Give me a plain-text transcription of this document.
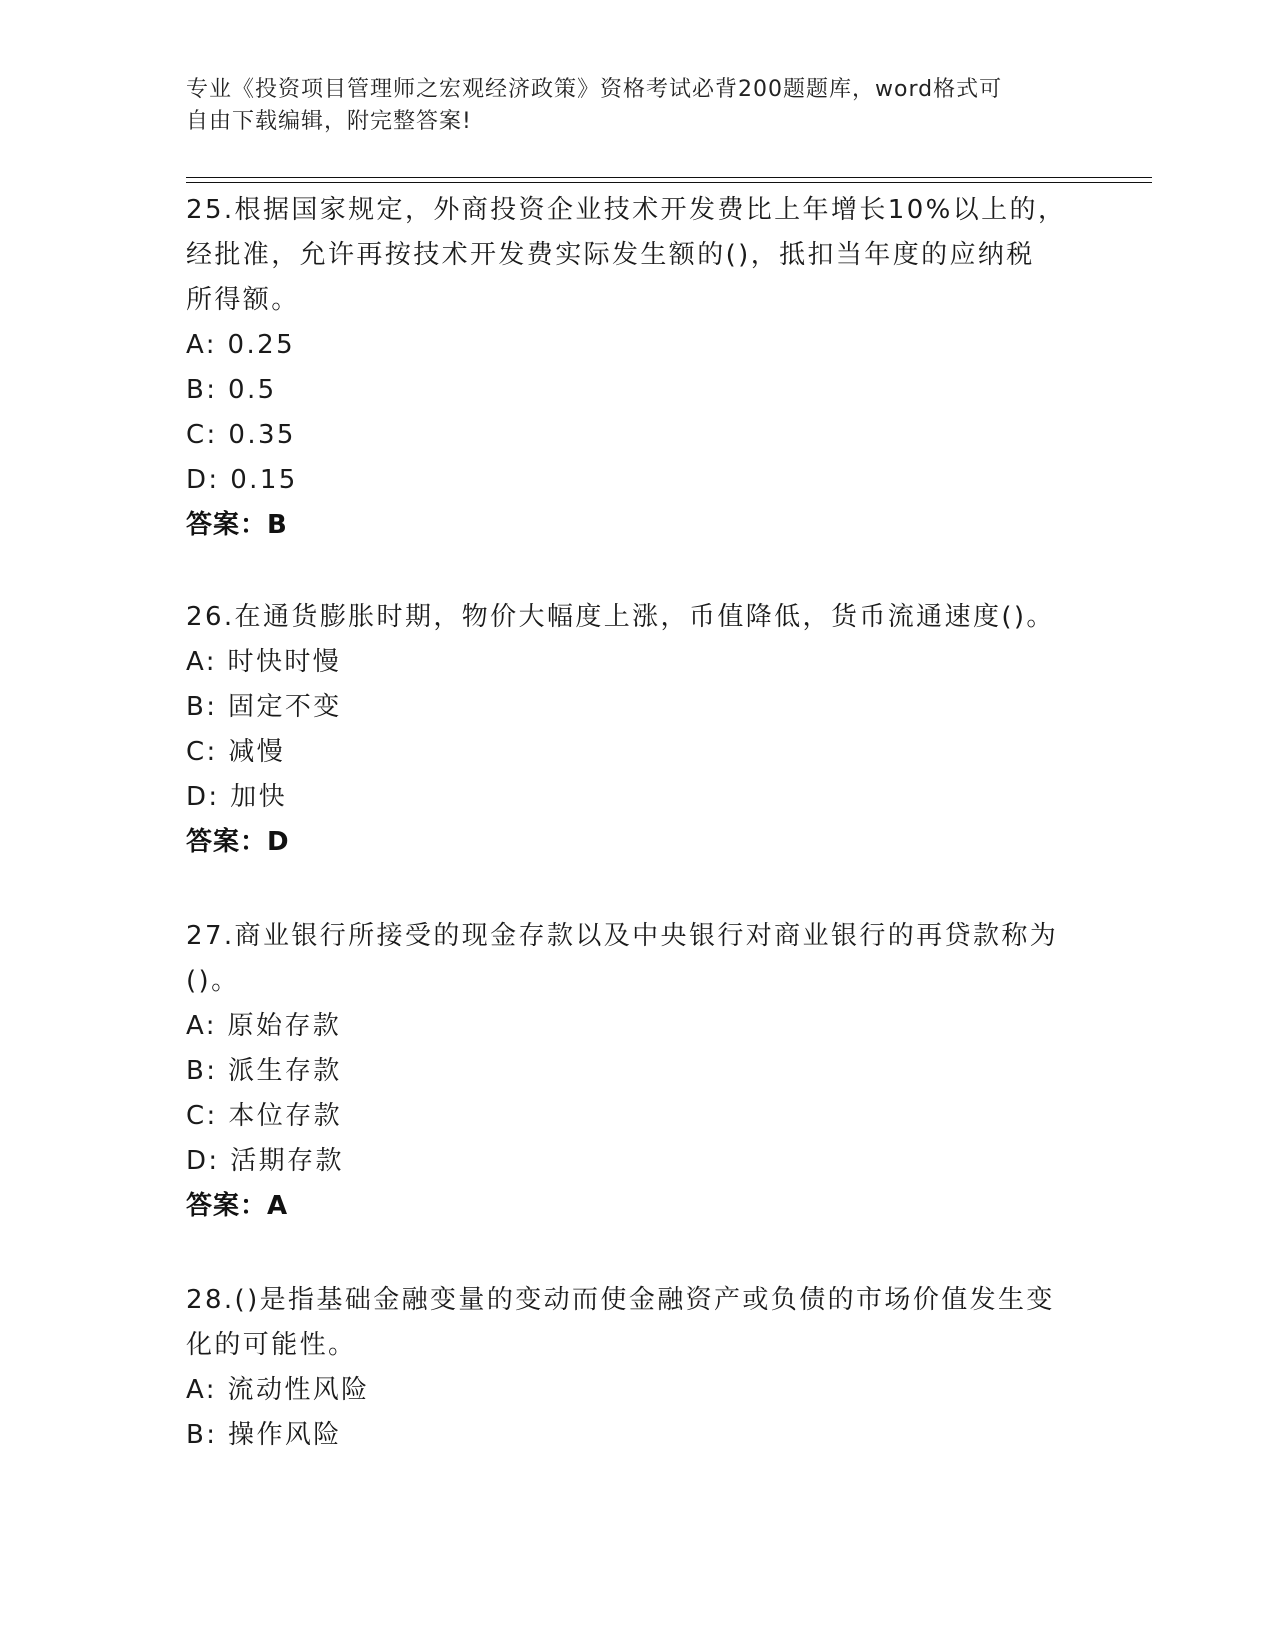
专业《投资项目管理师之宏观经济政策》资格考试必背200题题库，word格式可

自由下载编辑，附完整答案!

25.根据国家规定，外商投资企业技术开发费比上年增长10%以上的，

经批准，允许再按技术开发费实际发生额的()，抵扣当年度的应纳税

所得额。

A: 0.25

B: 0.5

C: 0.35

D: 0.15

答案：B

26.在通货膨胀时期，物价大幅度上涨，币值降低，货币流通速度()。

A: 时快时慢

B: 固定不变

C: 减慢

D: 加快

答案：D

27.商业银行所接受的现金存款以及中央银行对商业银行的再贷款称为

()。

A: 原始存款

B: 派生存款

C: 本位存款

D: 活期存款

答案：A

28.()是指基础金融变量的变动而使金融资产或负债的市场价值发生变

化的可能性。

A: 流动性风险

B: 操作风险
